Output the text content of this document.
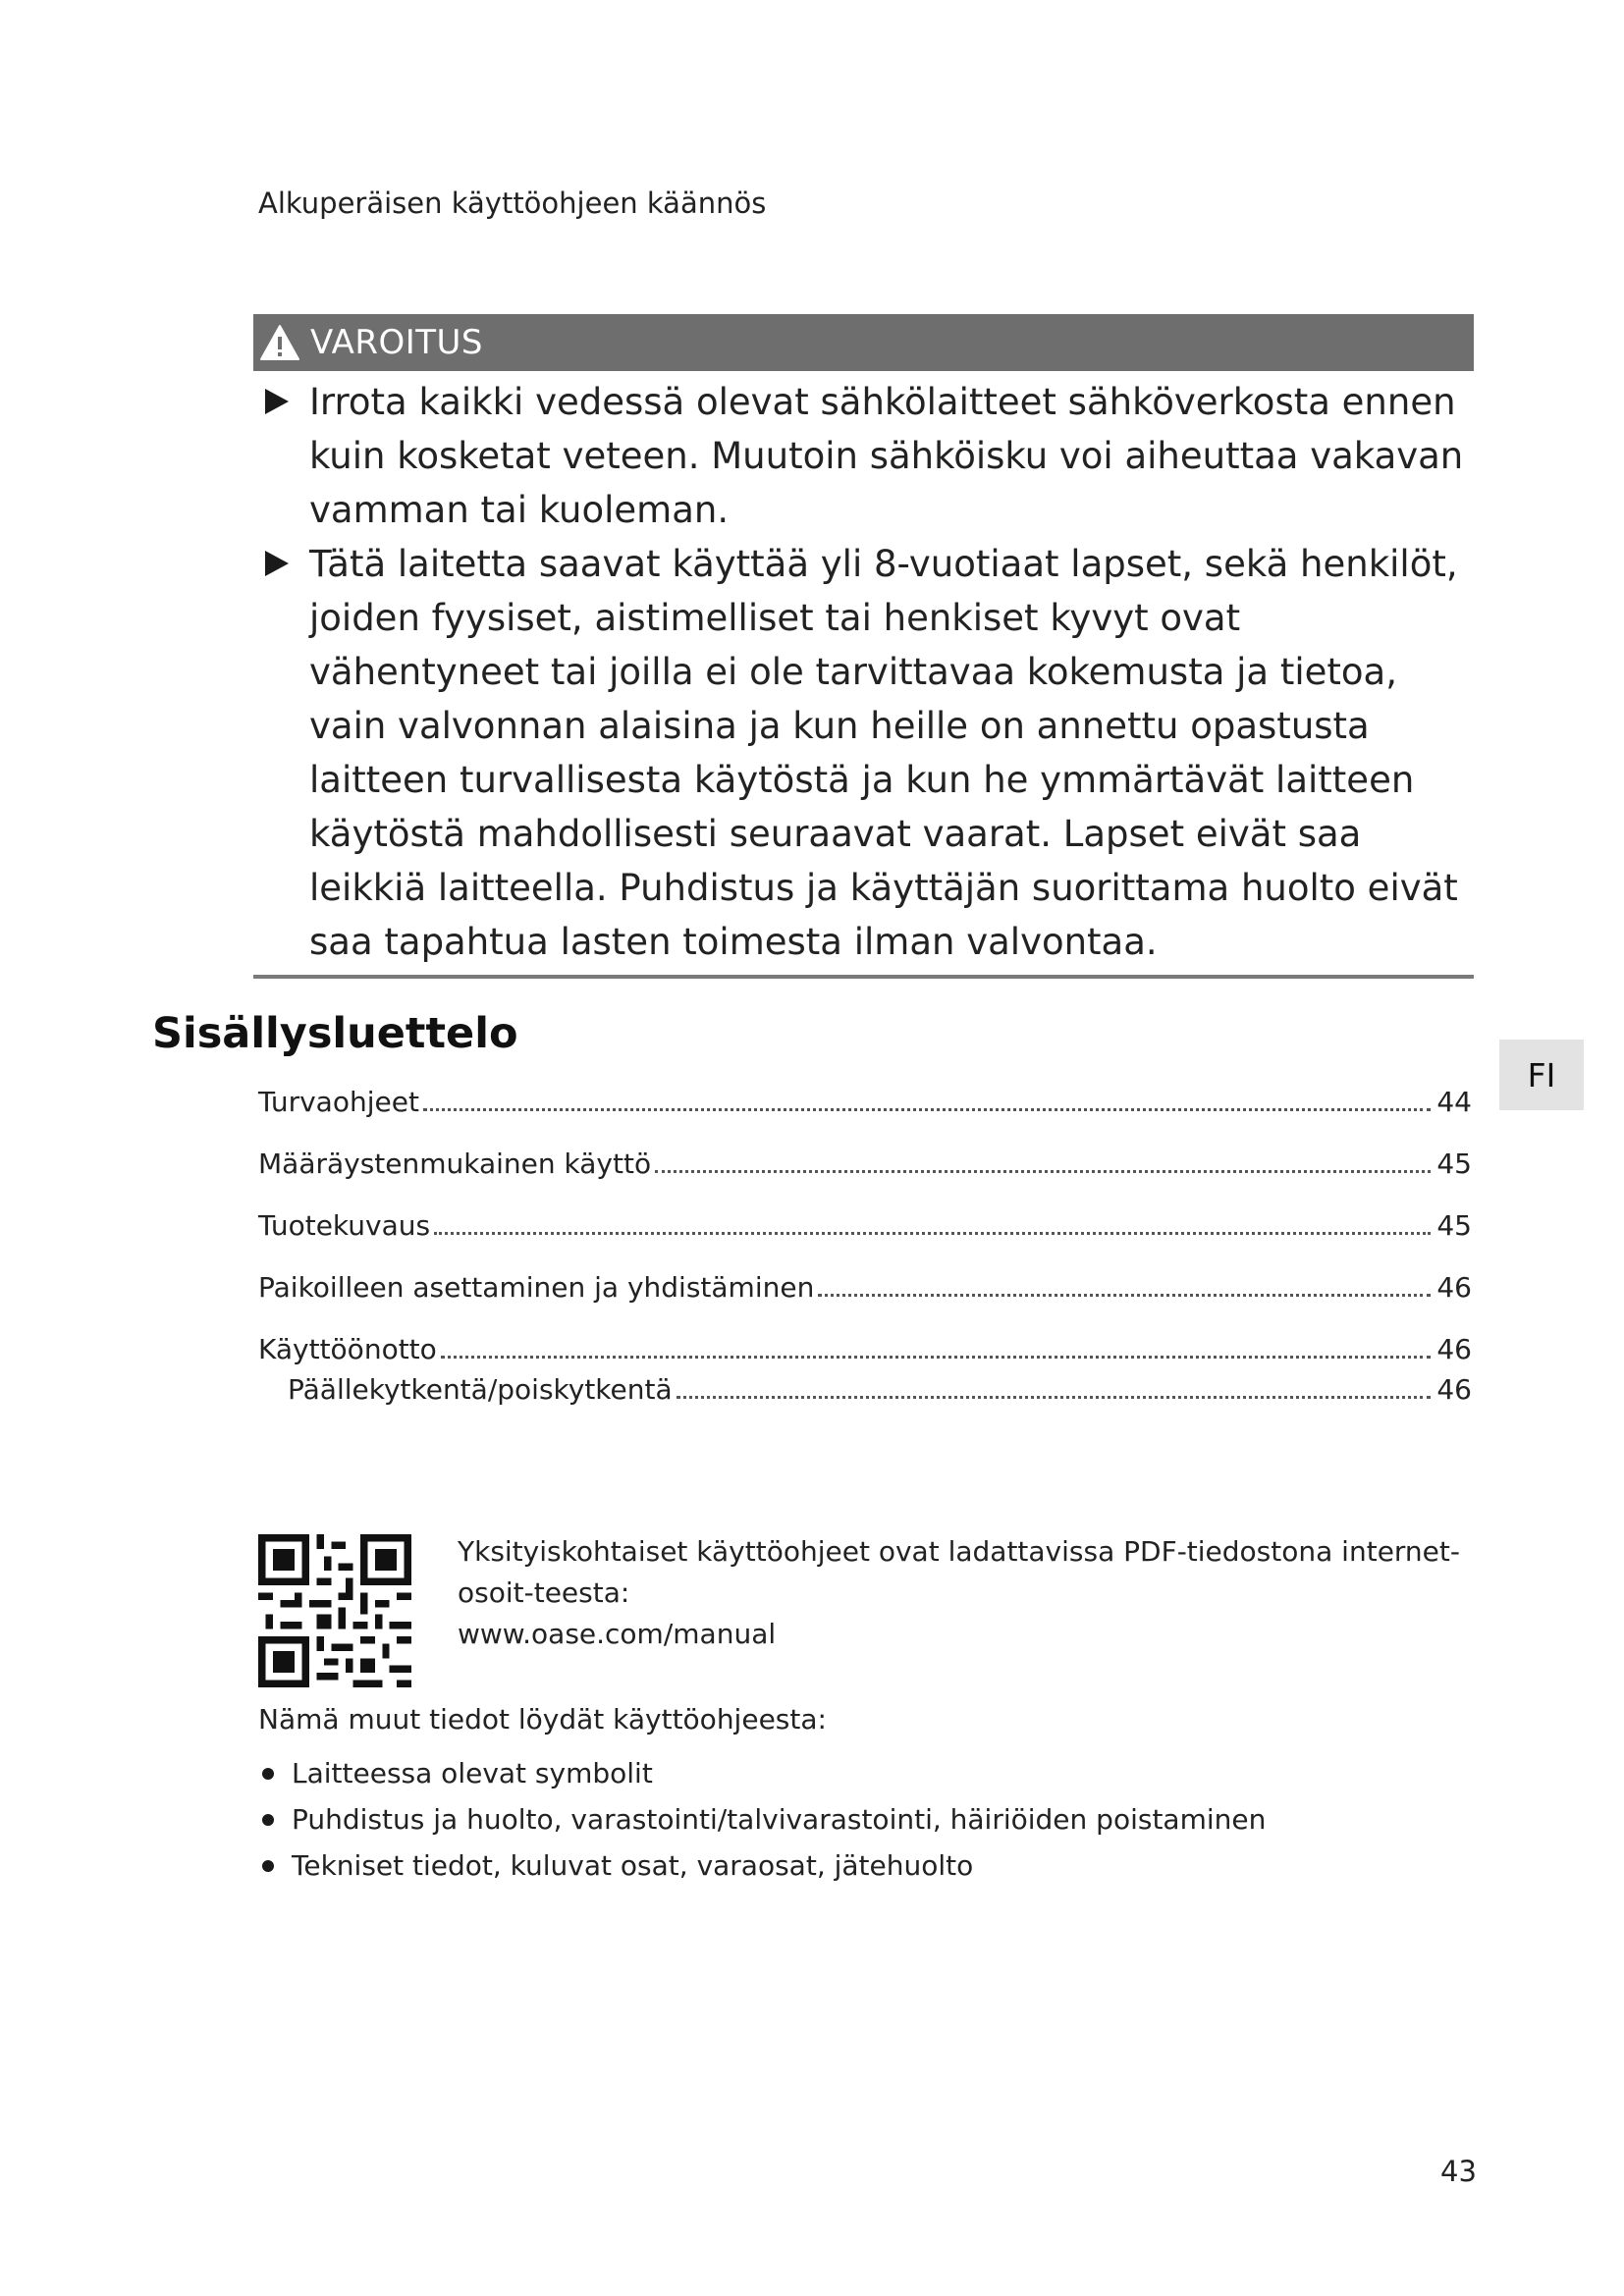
Alkuperäisen käyttöohjeen käännös
VAROITUS
Irrota kaikki vedessä olevat sähkölaitteet sähköverkosta ennen kuin kosketat veteen. Muutoin sähköisku voi aiheuttaa vakavan vamman tai kuoleman.
Tätä laitetta saavat käyttää yli 8-vuotiaat lapset, sekä henkilöt, joiden fyysiset, aistimelliset tai henkiset kyvyt ovat vähentyneet tai joilla ei ole tarvittavaa kokemusta ja tietoa, vain valvonnan alaisina ja kun heille on annettu opastusta laitteen turvallisesta käytöstä ja kun he ymmärtävät laitteen käytöstä mahdollisesti seuraavat vaarat. Lapset eivät saa leikkiä laitteella. Puhdistus ja käyttäjän suorittama huolto eivät saa tapahtua lasten toimesta ilman valvontaa.
Sisällysluettelo
FI
Turvaohjeet	44
Määräystenmukainen käyttö	45
Tuotekuvaus	45
Paikoilleen asettaminen ja yhdistäminen	46
Käyttöönotto	46
Päällekytkentä/poiskytkentä	46
Yksityiskohtaiset käyttöohjeet ovat ladattavissa PDF-tiedostona internet-osoit-teesta:
www.oase.com/manual
Nämä muut tiedot löydät käyttöohjeesta:
Laitteessa olevat symbolit
Puhdistus ja huolto, varastointi/talvivarastointi, häiriöiden poistaminen
Tekniset tiedot, kuluvat osat, varaosat, jätehuolto
43
